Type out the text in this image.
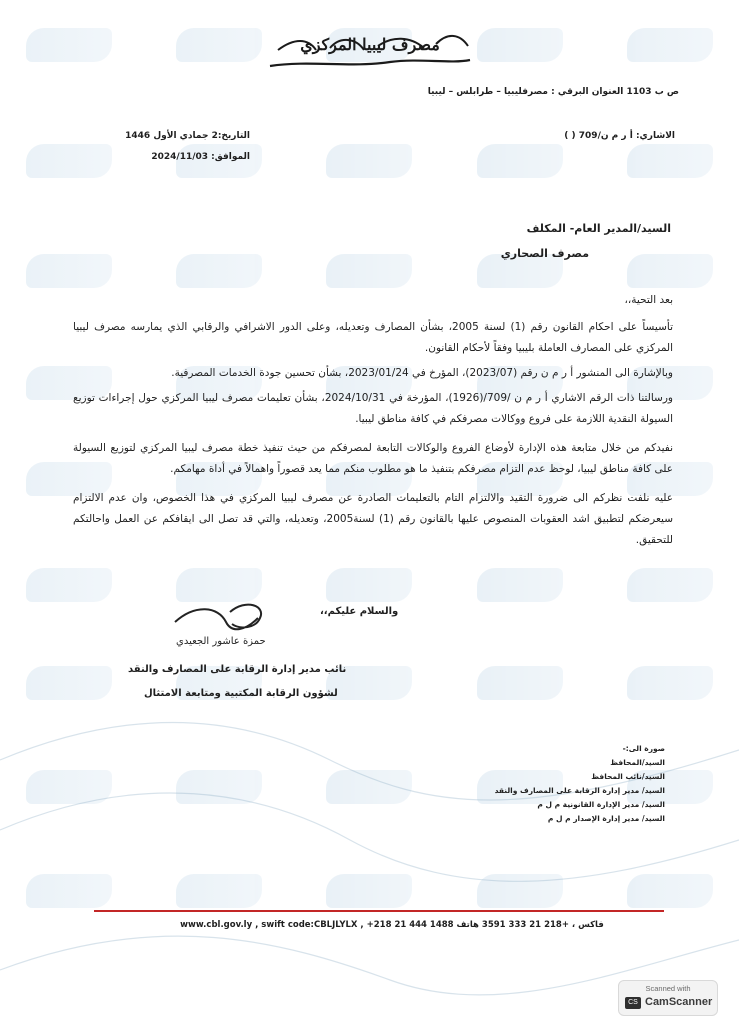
مصرف ليبيا المركزي
ص ب 1103 العنوان البرقي : مصرفليبيا – طرابلس – ليبيا
الاشاري: أ ر م ن/709 ( )
التاريخ:2 جمادي الأول 1446
الموافق: 2024/11/03
السيد/المدير العام- المكلف
مصرف الصحاري

بعد التحية،،

تأسيساً على احكام القانون رقم (1) لسنة 2005، بشأن المصارف وتعديله، وعلى الدور الاشرافي والرقابي الذي يمارسه مصرف ليبيا المركزي على المصارف العاملة بليبيا وفقاً لأحكام القانون.

وبالإشارة الى المنشور أ ر م ن رقم (2023/07)، المؤرخ في 2023/01/24، بشأن تحسين جودة الخدمات المصرفية.

ورسالتنا ذات الرقم الاشاري أ ر م ن /709/(1926)، المؤرخة في 2024/10/31، بشأن تعليمات مصرف ليبيا المركزي حول إجراءات توزيع السيولة النقدية اللازمة على فروع ووكالات مصرفكم في كافة مناطق ليبيا.

نفيدكم من خلال متابعة هذه الإدارة لأوضاع الفروع والوكالات التابعة لمصرفكم من حيث تنفيذ خطة مصرف ليبيا المركزي لتوزيع السيولة على كافة مناطق ليبيا، لوحظ عدم التزام مصرفكم بتنفيذ ما هو مطلوب منكم مما يعد قصوراً واهمالاً في أداة مهامكم.

عليه نلفت نظركم الى ضرورة التقيد والالتزام التام بالتعليمات الصادرة عن مصرف ليبيا المركزي في هذا الخصوص، وان عدم الالتزام سيعرضكم لتطبيق اشد العقوبات المنصوص عليها بالقانون رقم (1) لسنة2005، وتعديله، والتي قد تصل الى ايقافكم عن العمل واحالتكم للتحقيق.

والسلام عليكم،،
حمزة عاشور الجعيدي
نائب مدير إدارة الرقابة على المصارف والنقد
لشؤون الرقابة المكتبية ومتابعة الامتثال
صورة الى:-
السيد/المحافظ
السيد/نائب المحافظ
السيد/ مدير إدارة الرقابة على المصارف والنقد
السيد/ مدير الإدارة القانونية م ل م
السيد/ مدير إدارة الإصدار م ل م
www.cbl.gov.ly , swift code:CBLJLYLX , +218 21 444 1488 فاكس ، +218 21 333 3591 هاتف
Scanned with
CS CamScanner
